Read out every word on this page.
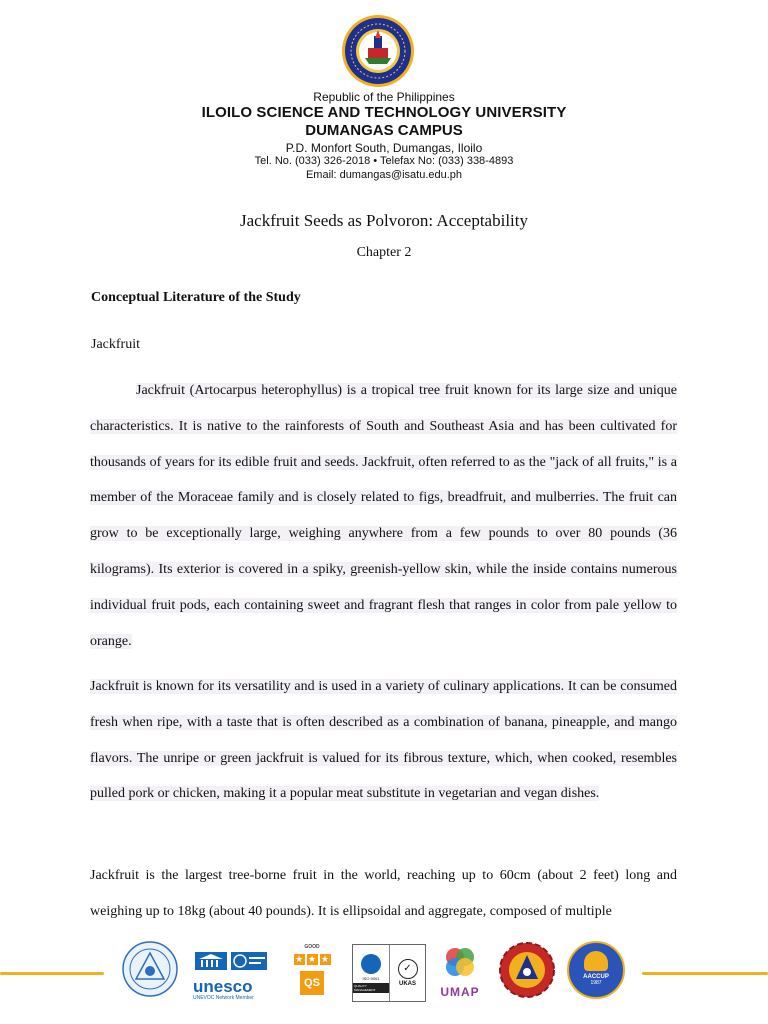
Republic of the Philippines
ILOILO SCIENCE AND TECHNOLOGY UNIVERSITY
DUMANGAS CAMPUS
P.D. Monfort South, Dumangas, Iloilo
Tel. No. (033) 326-2018 • Telefax No: (033) 338-4893
Email: dumangas@isatu.edu.ph
Jackfruit Seeds as Polvoron: Acceptability
Chapter 2
Conceptual Literature of the Study
Jackfruit

Jackfruit (Artocarpus heterophyllus) is a tropical tree fruit known for its large size and unique characteristics. It is native to the rainforests of South and Southeast Asia and has been cultivated for thousands of years for its edible fruit and seeds. Jackfruit, often referred to as the "jack of all fruits," is a member of the Moraceae family and is closely related to figs, breadfruit, and mulberries. The fruit can grow to be exceptionally large, weighing anywhere from a few pounds to over 80 pounds (36 kilograms). Its exterior is covered in a spiky, greenish-yellow skin, while the inside contains numerous individual fruit pods, each containing sweet and fragrant flesh that ranges in color from pale yellow to orange.

Jackfruit is known for its versatility and is used in a variety of culinary applications. It can be consumed fresh when ripe, with a taste that is often described as a combination of banana, pineapple, and mango flavors. The unripe or green jackfruit is valued for its fibrous texture, which, when cooked, resembles pulled pork or chicken, making it a popular meat substitute in vegetarian and vegan dishes.

Jackfruit is the largest tree-borne fruit in the world, reaching up to 60cm (about 2 feet) long and weighing up to 18kg (about 40 pounds). It is ellipsoidal and aggregate, composed of multiple

unesco
UNEVOC Network Member
GOOD
★ ★ ★
QS	ISO 9001
QUALITY MANAGEMENT
✓
UKAS
UMAP
AACCUP
1987
